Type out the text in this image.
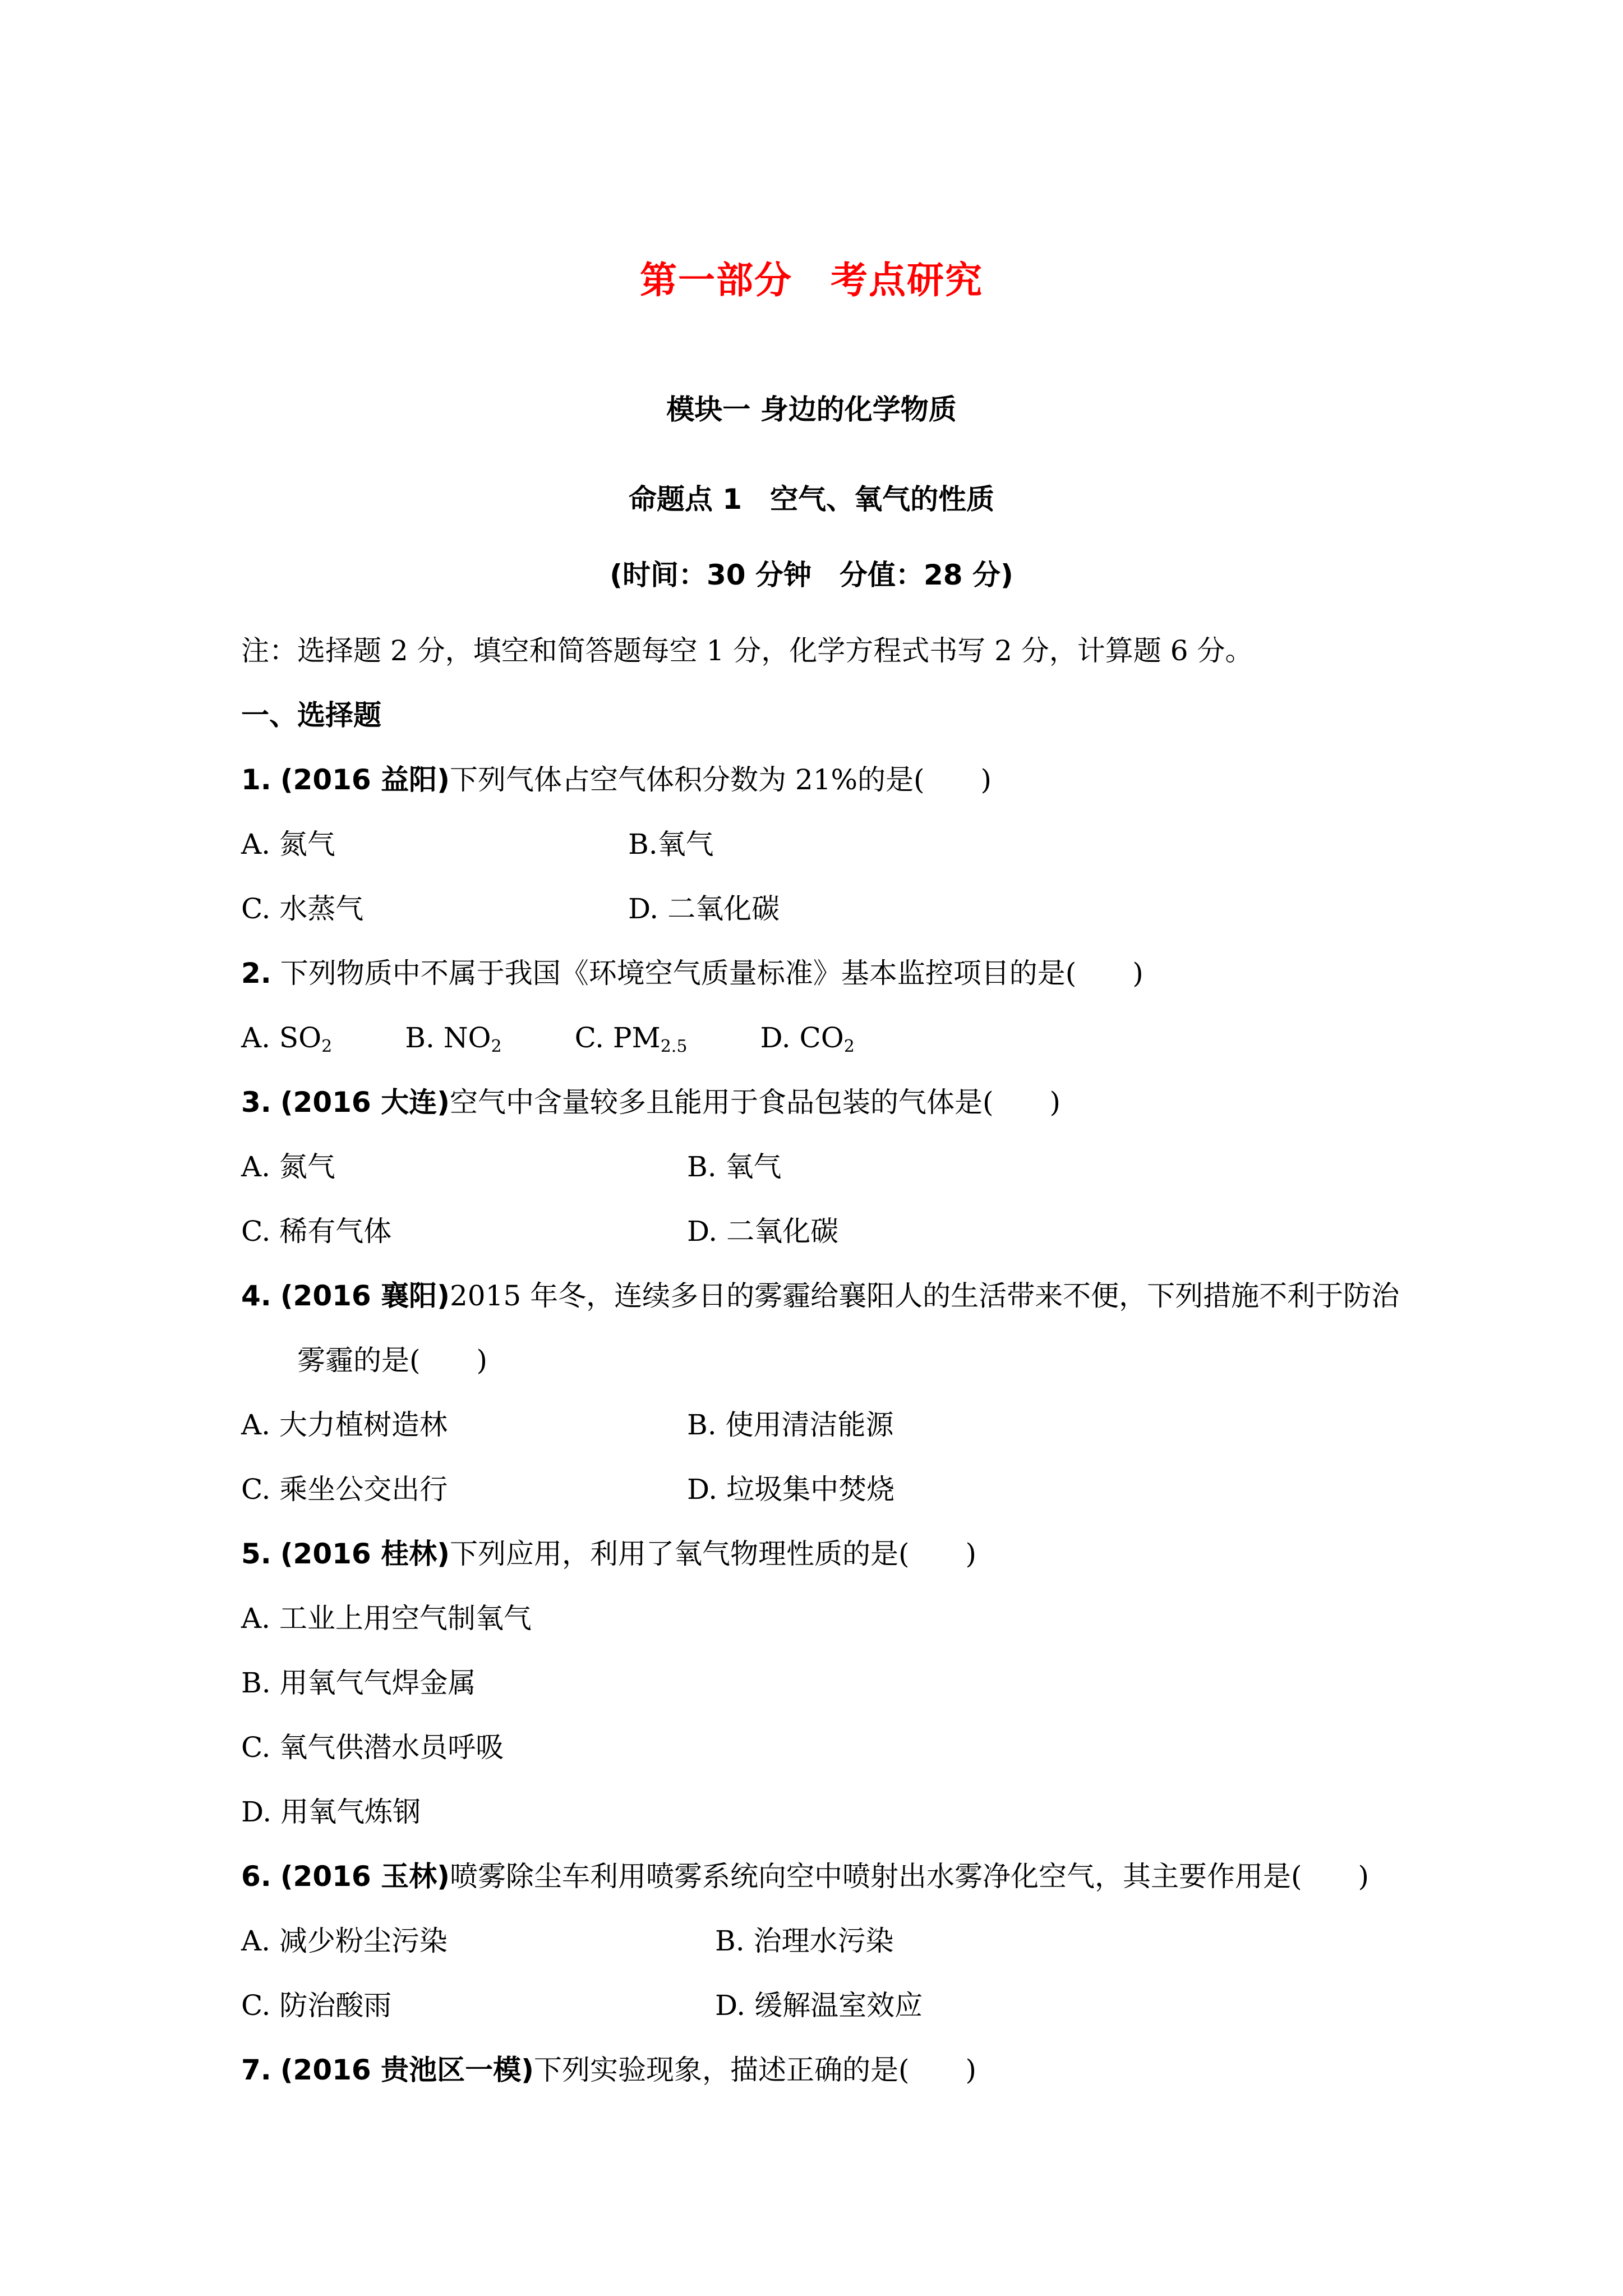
第一部分　考点研究
模块一 身边的化学物质
命题点 1　空气、氧气的性质
(时间：30 分钟　分值：28 分)
注：选择题 2 分，填空和简答题每空 1 分，化学方程式书写 2 分，计算题 6 分。
一、选择题
1. (2016 益阳)下列气体占空气体积分数为 21%的是(　　)
A. 氮气	B.氧气
C. 水蒸气	D. 二氧化碳
2. 下列物质中不属于我国《环境空气质量标准》基本监控项目的是(　　)
A. $SO_2$	B. $NO_2$	C. $PM_{2.5}$	D. $CO_2$
3. (2016 大连)空气中含量较多且能用于食品包装的气体是(　　)
A. 氮气	B. 氧气
C. 稀有气体	D. 二氧化碳
4. (2016 襄阳)2015 年冬，连续多日的雾霾给襄阳人的生活带来不便，下列措施不利于防治
雾霾的是(　　)
A. 大力植树造林	B. 使用清洁能源
C. 乘坐公交出行	D. 垃圾集中焚烧
5. (2016 桂林)下列应用，利用了氧气物理性质的是(　　)
A. 工业上用空气制氧气
B. 用氧气气焊金属
C. 氧气供潜水员呼吸
D. 用氧气炼钢
6. (2016 玉林)喷雾除尘车利用喷雾系统向空中喷射出水雾净化空气，其主要作用是(　　)
A. 减少粉尘污染	B. 治理水污染
C. 防治酸雨	D. 缓解温室效应
7. (2016 贵池区一模)下列实验现象，描述正确的是(　　)
